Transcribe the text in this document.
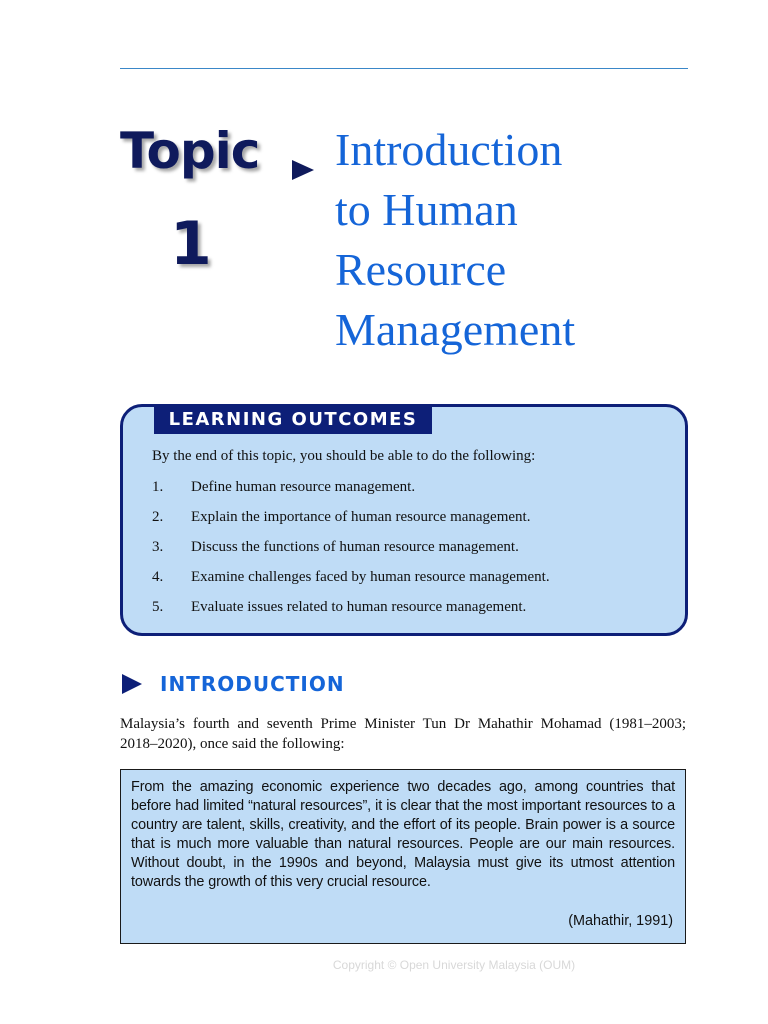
Topic
1
Introduction
to Human
Resource
Management
LEARNING OUTCOMES
By the end of this topic, you should be able to do the following:
1.	Define human resource management.
2.	Explain the importance of human resource management.
3.	Discuss the functions of human resource management.
4.	Examine challenges faced by human resource management.
5.	Evaluate issues related to human resource management.
INTRODUCTION

Malaysia’s fourth and seventh Prime Minister Tun Dr Mahathir Mohamad (1981–2003; 2018–2020), once said the following:

From the amazing economic experience two decades ago, among countries that before had limited “natural resources”, it is clear that the most important resources to a country are talent, skills, creativity, and the effort of its people. Brain power is a source that is much more valuable than natural resources. People are our main resources. Without doubt, in the 1990s and beyond, Malaysia must give its utmost attention towards the growth of this very crucial resource.

(Mahathir, 1991)
Copyright © Open University Malaysia (OUM)
